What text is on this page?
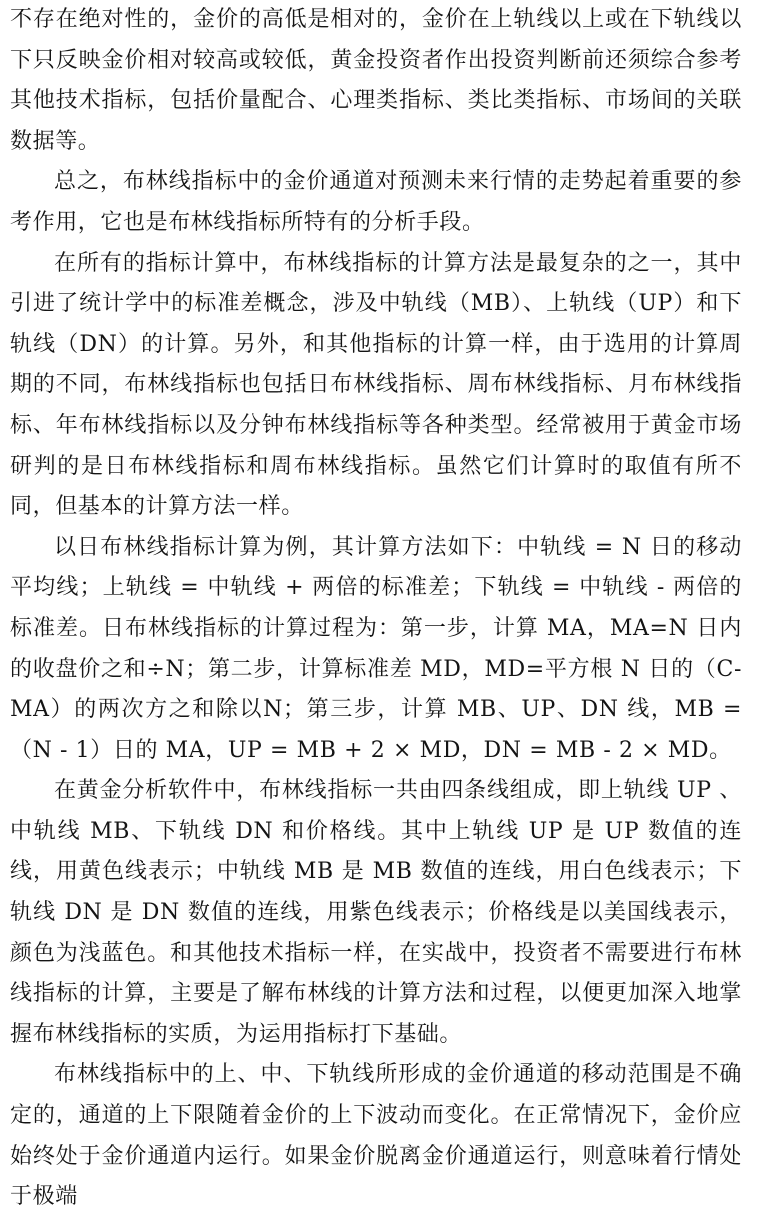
不存在绝对性的，金价的高低是相对的，金价在上轨线以上或在下轨线以下只反映金价相对较高或较低，黄金投资者作出投资判断前还须综合参考其他技术指标，包括价量配合、心理类指标、类比类指标、市场间的关联数据等。

总之，布林线指标中的金价通道对预测未来行情的走势起着重要的参考作用，它也是布林线指标所特有的分析手段。

在所有的指标计算中，布林线指标的计算方法是最复杂的之一，其中引进了统计学中的标准差概念，涉及中轨线（MB）、上轨线（UP）和下轨线（DN）的计算。另外，和其他指标的计算一样，由于选用的计算周期的不同，布林线指标也包括日布林线指标、周布林线指标、月布林线指标、年布林线指标以及分钟布林线指标等各种类型。经常被用于黄金市场研判的是日布林线指标和周布林线指标。虽然它们计算时的取值有所不同，但基本的计算方法一样。

以日布林线指标计算为例，其计算方法如下：中轨线 = N 日的移动平均线；上轨线 = 中轨线 + 两倍的标准差；下轨线 = 中轨线 - 两倍的标准差。日布林线指标的计算过程为：第一步，计算 MA，MA=N 日内的收盘价之和÷N；第二步，计算标准差 MD，MD=平方根 N 日的（C-MA）的两次方之和除以N；第三步，计算 MB、UP、DN 线，MB =（N - 1）日的 MA，UP = MB + 2 × MD，DN = MB - 2 × MD。

在黄金分析软件中，布林线指标一共由四条线组成，即上轨线 UP 、中轨线 MB、下轨线 DN 和价格线。其中上轨线 UP 是 UP 数值的连线，用黄色线表示；中轨线 MB 是 MB 数值的连线，用白色线表示；下轨线 DN 是 DN 数值的连线，用紫色线表示；价格线是以美国线表示，颜色为浅蓝色。和其他技术指标一样，在实战中，投资者不需要进行布林线指标的计算，主要是了解布林线的计算方法和过程，以便更加深入地掌握布林线指标的实质，为运用指标打下基础。

布林线指标中的上、中、下轨线所形成的金价通道的移动范围是不确定的，通道的上下限随着金价的上下波动而变化。在正常情况下，金价应始终处于金价通道内运行。如果金价脱离金价通道运行，则意味着行情处于极端
